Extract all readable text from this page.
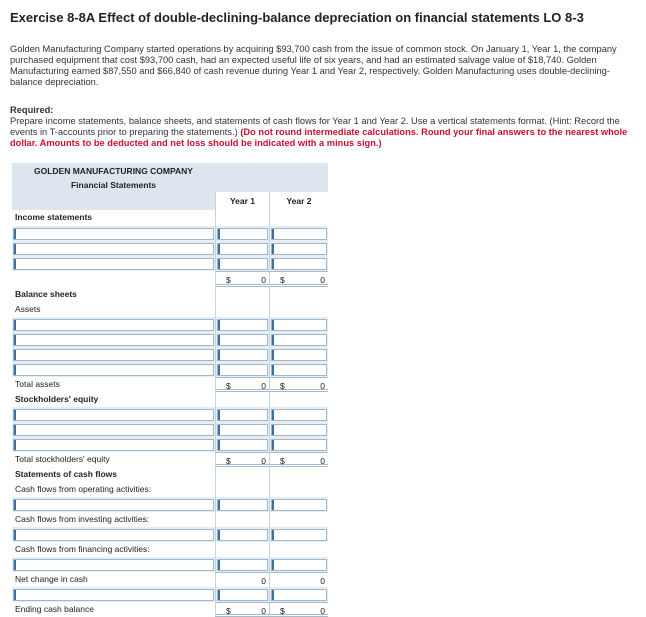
Exercise 8-8A Effect of double-declining-balance depreciation on financial statements LO 8-3
Golden Manufacturing Company started operations by acquiring $93,700 cash from the issue of common stock. On January 1, Year 1, the company purchased equipment that cost $93,700 cash, had an expected useful life of six years, and had an estimated salvage value of $18,740. Golden Manufacturing earned $87,550 and $66,840 of cash revenue during Year 1 and Year 2, respectively. Golden Manufacturing uses double-declining-balance depreciation.
Required:
Prepare income statements, balance sheets, and statements of cash flows for Year 1 and Year 2. Use a vertical statements format. (Hint: Record the events in T-accounts prior to preparing the statements.) (Do not round intermediate calculations. Round your final answers to the nearest whole dollar. Amounts to be deducted and net loss should be indicated with a minus sign.)
GOLDEN MANUFACTURING COMPANY
Financial Statements
Year 1	Year 2
Income statements
$	0 $	0
Balance sheets
Assets
Total assets	$	0 $	0
Stockholders' equity
Total stockholders' equity	$	0 $	0
Statements of cash flows
Cash flows from operating activities:
Cash flows from investing activities:
Cash flows from financing activities:
Net change in cash	0	0
Ending cash balance	$	0 $	0
